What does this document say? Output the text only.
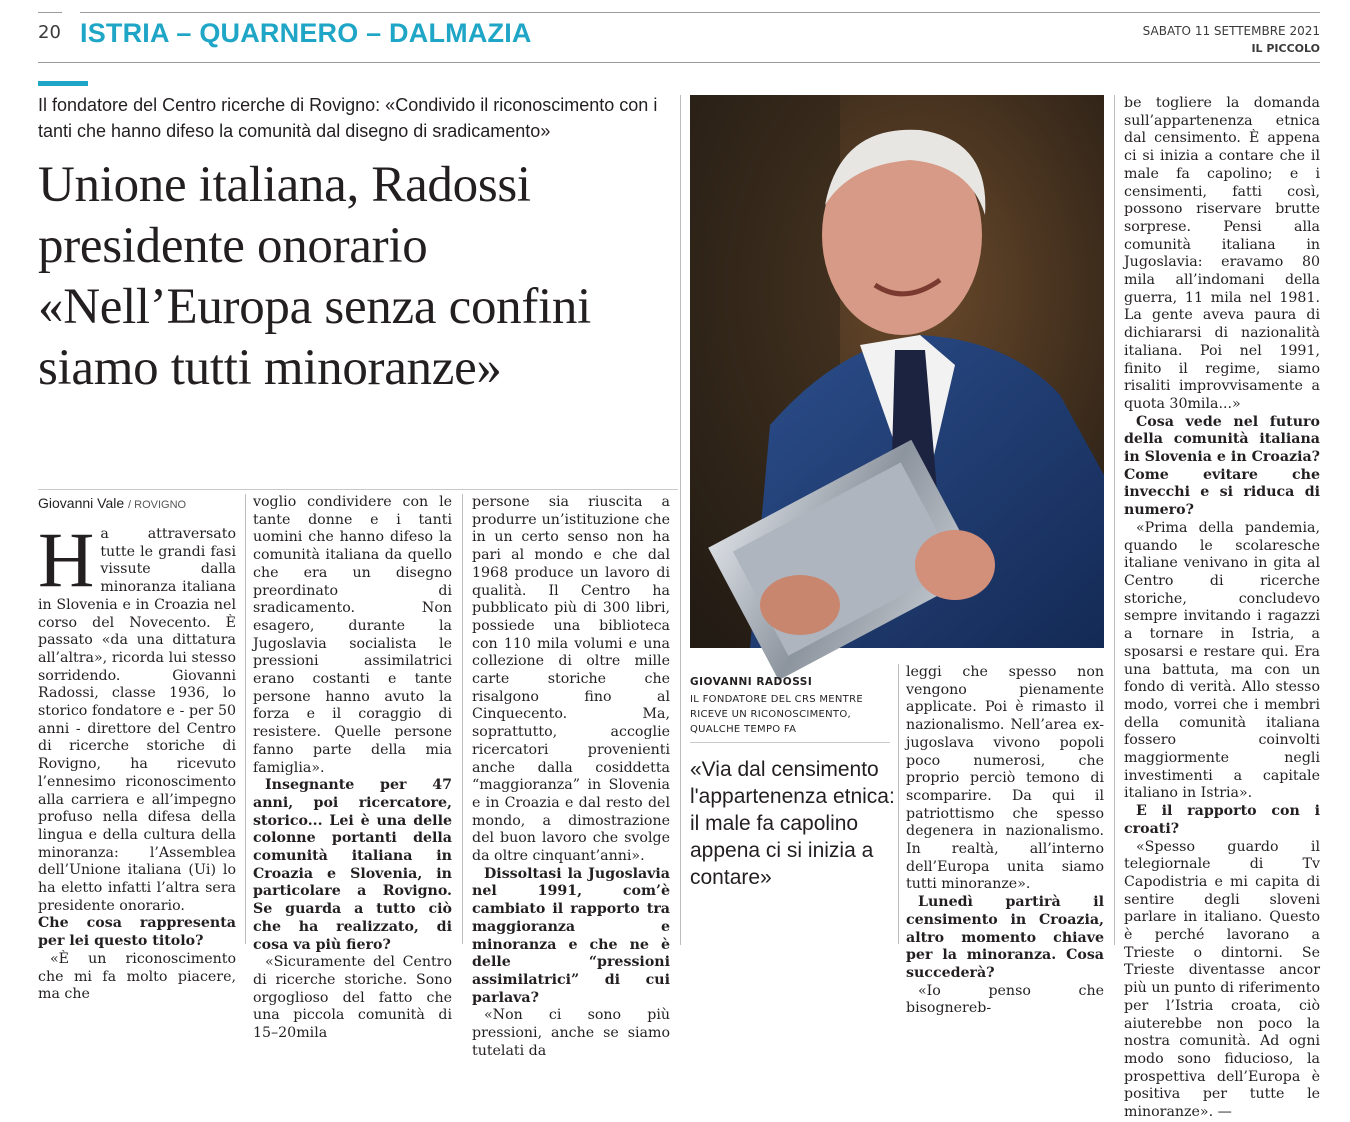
20 ISTRIA – QUARNERO – DALMAZIA	SABATO 11 SETTEMBRE 2021
IL PICCOLO
Il fondatore del Centro ricerche di Rovigno: «Condivido il riconoscimento con i tanti che hanno difeso la comunità dal disegno di sradicamento»
Unione italiana, Radossi presidente onorario «Nell’Europa senza confini siamo tutti minoranze»
Giovanni Vale / ROVIGNO
H a attraversato tutte le grandi fasi vissute dalla minoranza italiana in Slovenia e in Croazia nel corso del Novecento. È passato «da una dittatura all’altra», ricorda lui stesso sorridendo. Giovanni Radossi, classe 1936, lo storico fondatore e - per 50 anni - direttore del Centro di ricerche storiche di Rovigno, ha ricevuto l’ennesimo riconoscimento alla carriera e all’impegno profuso nella difesa della lingua e della cultura della minoranza: l’Assemblea dell’Unione italiana (Ui) lo ha eletto infatti l’altra sera presidente onorario.

Che cosa rappresenta per lei questo titolo?

«È un riconoscimento che mi fa molto piacere, ma che

voglio condividere con le tante donne e i tanti uomini che hanno difeso la comunità italiana da quello che era un disegno preordinato di sradicamento. Non esagero, durante la Jugoslavia socialista le pressioni assimilatrici erano costanti e tante persone hanno avuto la forza e il coraggio di resistere. Quelle persone fanno parte della mia famiglia».

Insegnante per 47 anni, poi ricercatore, storico... Lei è una delle colonne portanti della comunità italiana in Croazia e Slovenia, in particolare a Rovigno. Se guarda a tutto ciò che ha realizzato, di cosa va più fiero?

«Sicuramente del Centro di ricerche storiche. Sono orgoglioso del fatto che una piccola comunità di 15–20mila

persone sia riuscita a produrre un’istituzione che in un certo senso non ha pari al mondo e che dal 1968 produce un lavoro di qualità. Il Centro ha pubblicato più di 300 libri, possiede una biblioteca con 110 mila volumi e una collezione di oltre mille carte storiche che risalgono fino al Cinquecento. Ma, soprattutto, accoglie ricercatori provenienti anche dalla cosiddetta “maggioranza” in Slovenia e in Croazia e dal resto del mondo, a dimostrazione del buon lavoro che svolge da oltre cinquant’anni».

Dissoltasi la Jugoslavia nel 1991, com’è cambiato il rapporto tra maggioranza e minoranza e che ne è delle “pressioni assimilatrici” di cui parlava?

«Non ci sono più pressioni, anche se siamo tutelati da

GIOVANNI RADOSSI
IL FONDATORE DEL CRS MENTRE RICEVE UN RICONOSCIMENTO, QUALCHE TEMPO FA
«Via dal censimento l'appartenenza etnica: il male fa capolino appena ci si inizia a contare»

leggi che spesso non vengono pienamente applicate. Poi è rimasto il nazionalismo. Nell’area ex-jugoslava vivono popoli poco numerosi, che proprio perciò temono di scomparire. Da qui il patriottismo che spesso degenera in nazionalismo. In realtà, all’interno dell’Europa unita siamo tutti minoranze».

Lunedì partirà il censimento in Croazia, altro momento chiave per la minoranza. Cosa succederà?

«Io penso che bisognereb-

be togliere la domanda sull’appartenenza etnica dal censimento. È appena ci si inizia a contare che il male fa capolino; e i censimenti, fatti così, possono riservare brutte sorprese. Pensi alla comunità italiana in Jugoslavia: eravamo 80 mila all’indomani della guerra, 11 mila nel 1981. La gente aveva paura di dichiararsi di nazionalità italiana. Poi nel 1991, finito il regime, siamo risaliti improvvisamente a quota 30mila...»

Cosa vede nel futuro della comunità italiana in Slovenia e in Croazia? Come evitare che invecchi e si riduca di numero?

«Prima della pandemia, quando le scolaresche italiane venivano in gita al Centro di ricerche storiche, concludevo sempre invitando i ragazzi a tornare in Istria, a sposarsi e restare qui. Era una battuta, ma con un fondo di verità. Allo stesso modo, vorrei che i membri della comunità italiana fossero coinvolti maggiormente negli investimenti a capitale italiano in Istria».

E il rapporto con i croati?

«Spesso guardo il telegiornale di Tv Capodistria e mi capita di sentire degli sloveni parlare in italiano. Questo è perché lavorano a Trieste o dintorni. Se Trieste diventasse ancor più un punto di riferimento per l’Istria croata, ciò aiuterebbe non poco la nostra comunità. Ad ogni modo sono fiducioso, la prospettiva dell’Europa è positiva per tutte le minoranze». —
